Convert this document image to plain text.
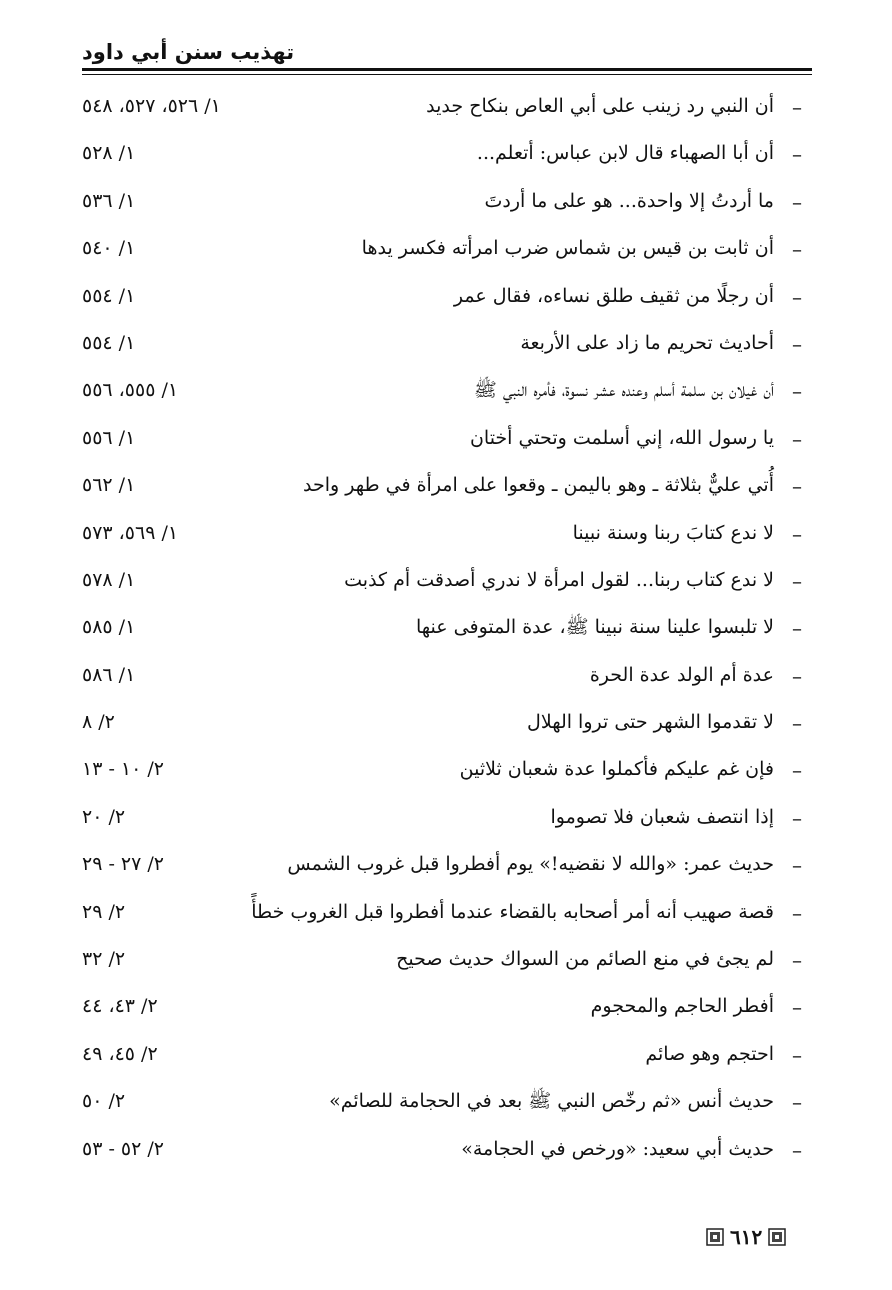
تهذيب سنن أبي داود
–
أن النبي رد زينب على أبي العاص بنكاح جديد
١/ ٥٢٦، ٥٢٧، ٥٤٨
–
أن أبا الصهباء قال لابن عباس: أتعلم...
١/ ٥٢٨
–
ما أردتُ إلا واحدة... هو على ما أردتَ
١/ ٥٣٦
–
أن ثابت بن قيس بن شماس ضرب امرأته فكسر يدها
١/ ٥٤٠
–
أن رجلًا من ثقيف طلق نساءه، فقال عمر
١/ ٥٥٤
–
أحاديث تحريم ما زاد على الأربعة
١/ ٥٥٤
–
أن غيلان بن سلمة أسلم وعنده عشر نسوة، فأمره النبي ﷺ
١/ ٥٥٥، ٥٥٦
–
يا رسول الله، إني أسلمت وتحتي أختان
١/ ٥٥٦
–
أُتي عليٌّ بثلاثة ـ وهو باليمن ـ وقعوا على امرأة في طهر واحد
١/ ٥٦٢
–
لا ندع كتابَ ربنا وسنة نبينا
١/ ٥٦٩، ٥٧٣
–
لا ندع كتاب ربنا... لقول امرأة لا ندري أصدقت أم كذبت
١/ ٥٧٨
–
لا تلبسوا علينا سنة نبينا ﷺ، عدة المتوفى عنها
١/ ٥٨٥
–
عدة أم الولد عدة الحرة
١/ ٥٨٦
–
لا تقدموا الشهر حتى تروا الهلال
٢/ ٨
–
فإن غم عليكم فأكملوا عدة شعبان ثلاثين
٢/ ١٠ - ١٣
–
إذا انتصف شعبان فلا تصوموا
٢/ ٢٠
–
حديث عمر: «والله لا نقضيه!» يوم أفطروا قبل غروب الشمس
٢/ ٢٧ - ٢٩
–
قصة صهيب أنه أمر أصحابه بالقضاء عندما أفطروا قبل الغروب خطأً
٢/ ٢٩
–
لم يجئ في منع الصائم من السواك حديث صحيح
٢/ ٣٢
–
أفطر الحاجم والمحجوم
٢/ ٤٣، ٤٤
–
احتجم وهو صائم
٢/ ٤٥، ٤٩
–
حديث أنس «ثم رخّص النبي ﷺ بعد في الحجامة للصائم»
٢/ ٥٠
–
حديث أبي سعيد: «ورخص في الحجامة»
٢/ ٥٢ - ٥٣
٦١٢
